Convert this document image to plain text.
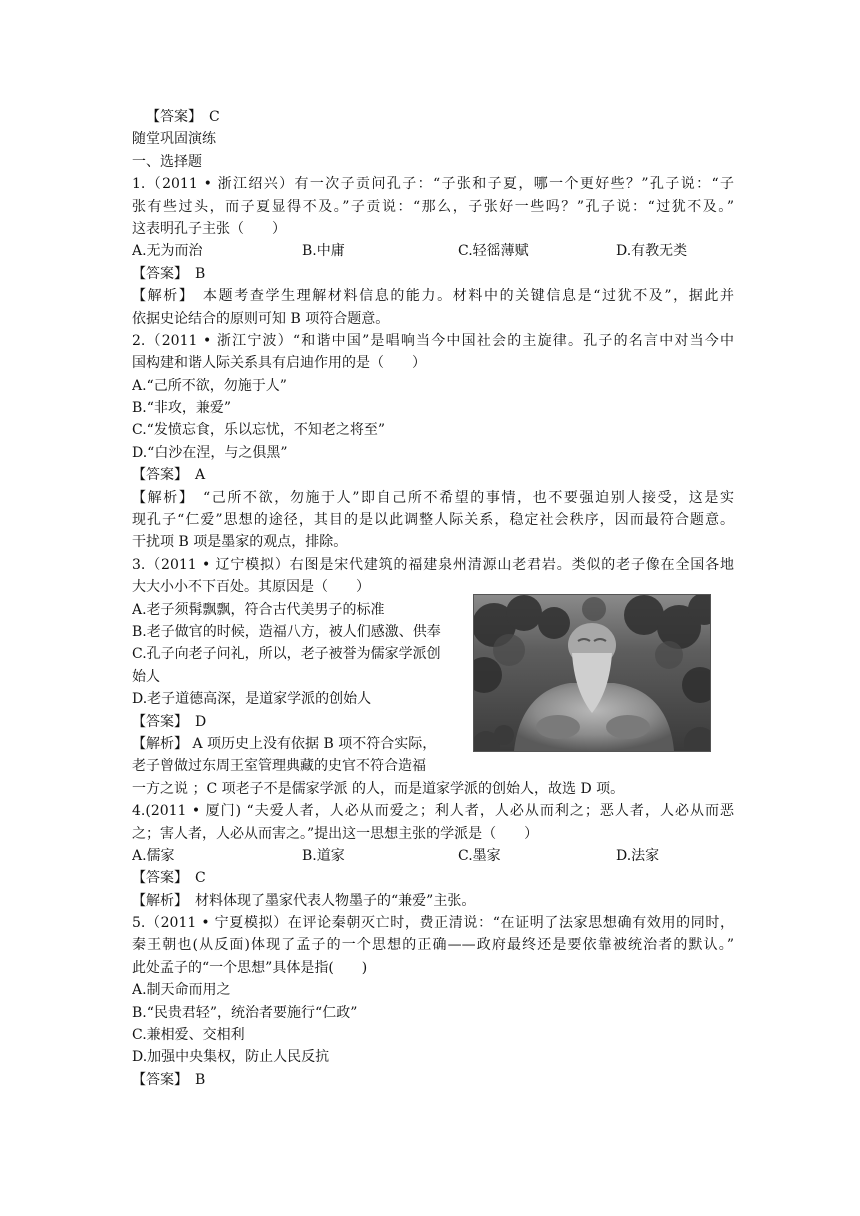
【答案】　C
随堂巩固演练
一、选择题
1.（2011 • 浙江绍兴）有一次子贡问孔子：“子张和子夏，哪一个更好些？”孔子说：“子
张有些过头，而子夏显得不及。”子贡说：“那么，子张好一些吗？”孔子说：“过犹不及。”
这表明孔子主张（　　）
A.无为而治	B.中庸	C.轻徭薄赋	D.有教无类
【答案】　B
【解析】　本题考查学生理解材料信息的能力。材料中的关键信息是“过犹不及”，据此并
依据史论结合的原则可知 B 项符合题意。
2.（2011 • 浙江宁波）“和谐中国”是唱响当今中国社会的主旋律。孔子的名言中对当今中
国构建和谐人际关系具有启迪作用的是（　　）
A.“己所不欲，勿施于人”
B.“非攻，兼爱”
C.“发愤忘食，乐以忘忧，不知老之将至”
D.“白沙在涅，与之俱黑”
【答案】　A
【解析】　“己所不欲，勿施于人”即自己所不希望的事情，也不要强迫别人接受，这是实
现孔子“仁爱”思想的途径，其目的是以此调整人际关系，稳定社会秩序，因而最符合题意。
干扰项 B 项是墨家的观点，排除。
3.（2011 • 辽宁模拟）右图是宋代建筑的福建泉州清源山老君岩。类似的老子像在全国各地
大大小小不下百处。其原因是（　　）
A.老子须髯飘飘，符合古代美男子的标准
B.老子做官的时候，造福八方，被人们感激、供奉
C.孔子向老子问礼，所以，老子被誉为儒家学派创
始人
D.老子道德高深，是道家学派的创始人
【答案】　D
【解析】 A 项历史上没有依据 B 项不符合实际，
老子曾做过东周王室管理典藏的史官不符合造福
一方之说 ；C 项老子不是儒家学派 的人，而是道家学派的创始人，故选 D 项。
4.(2011 • 厦门) “夫爱人者，人必从而爱之；利人者，人必从而利之；恶人者，人必从而恶
之；害人者，人必从而害之。”提出这一思想主张的学派是（　　）
A.儒家	B.道家	C.墨家	D.法家
【答案】　C
【解析】　材料体现了墨家代表人物墨子的“兼爱”主张。
5.（2011 • 宁夏模拟）在评论秦朝灭亡时，费正清说：“在证明了法家思想确有效用的同时，
秦王朝也(从反面)体现了孟子的一个思想的正确——政府最终还是要依靠被统治者的默认。”
此处孟子的“一个思想”具体是指(　　)
A.制天命而用之
B.“民贵君轻”，统治者要施行“仁政”
C.兼相爱、交相利
D.加强中央集权，防止人民反抗
【答案】　B
